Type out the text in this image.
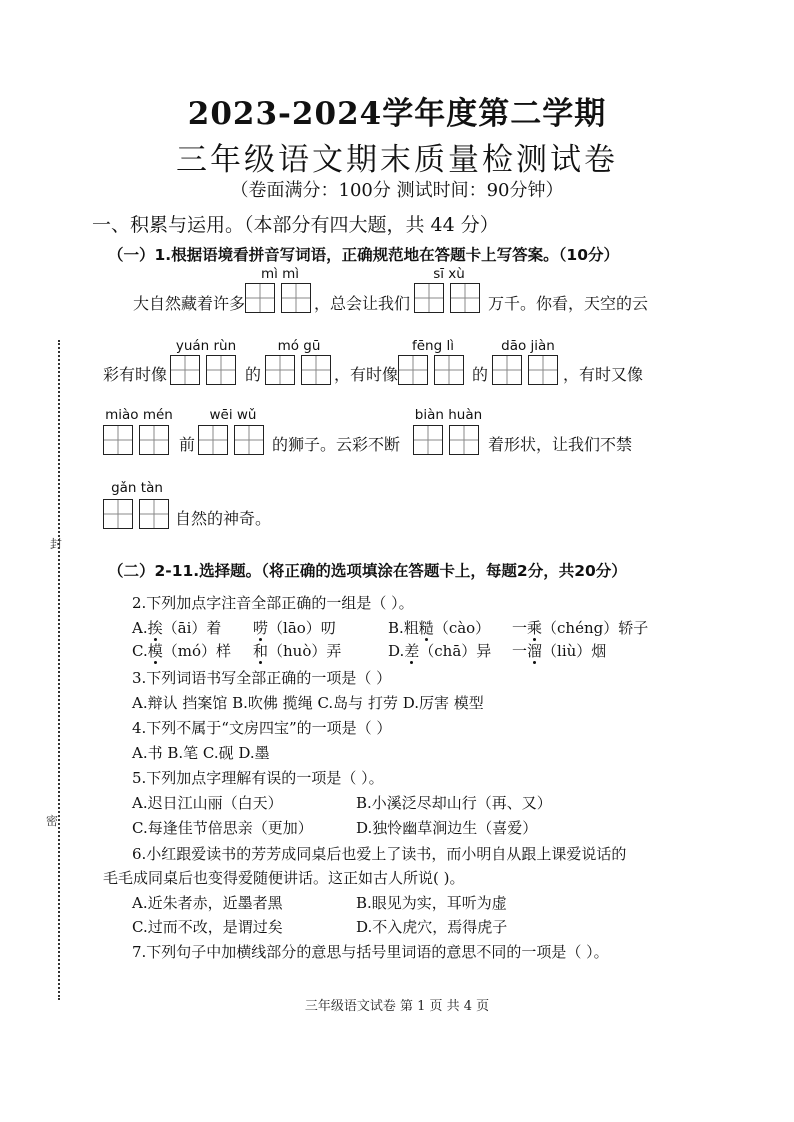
封
密
2023-2024学年度第二学期
三年级语文期末质量检测试卷
（卷面满分：100分 测试时间：90分钟）
一、积累与运用。（本部分有四大题，共 44 分）
（一）1.根据语境看拼音写词语，正确规范地在答题卡上写答案。（10分）
mì mì	sī xù
大自然藏着许多	，总会让我们	万千。你看，天空的云
yuán rùn	mó gū	fēng lì	dāo jiàn
彩有时像	的	，有时像	的	，有时又像
miào mén	wēi wǔ	biàn huàn
前	的狮子。云彩不断	着形状，让我们不禁
gǎn tàn
自然的神奇。
（二）2-11.选择题。（将正确的选项填涂在答题卡上，每题2分，共20分）
2.下列加点字注音全部正确的一组是（ ）。
A.挨（āi）着 唠（lāo）叨	B.粗糙（cào） 一乘（chéng）轿子
C.模（mó）样 和（huò）弄	D.差（chā）异 一溜（liù）烟
3.下列词语书写全部正确的一项是（ ）
A.辩认 挡案馆 B.吹佛 揽绳 C.岛与 打劳 D.厉害 模型
4.下列不属于“文房四宝”的一项是（ ）
A.书 B.笔 C.砚 D.墨
5.下列加点字理解有误的一项是（ ）。
A.迟日江山丽（白天）	B.小溪泛尽却山行（再、又）
C.每逢佳节倍思亲（更加）	D.独怜幽草涧边生（喜爱）
6.小红跟爱读书的芳芳成同桌后也爱上了读书，而小明自从跟上课爱说话的
毛毛成同桌后也变得爱随便讲话。这正如古人所说( )。
A.近朱者赤，近墨者黑	B.眼见为实，耳听为虚
C.过而不改，是谓过矣	D.不入虎穴，焉得虎子
7.下列句子中加横线部分的意思与括号里词语的意思不同的一项是（ ）。
三年级语文试卷 第 1 页 共 4 页
